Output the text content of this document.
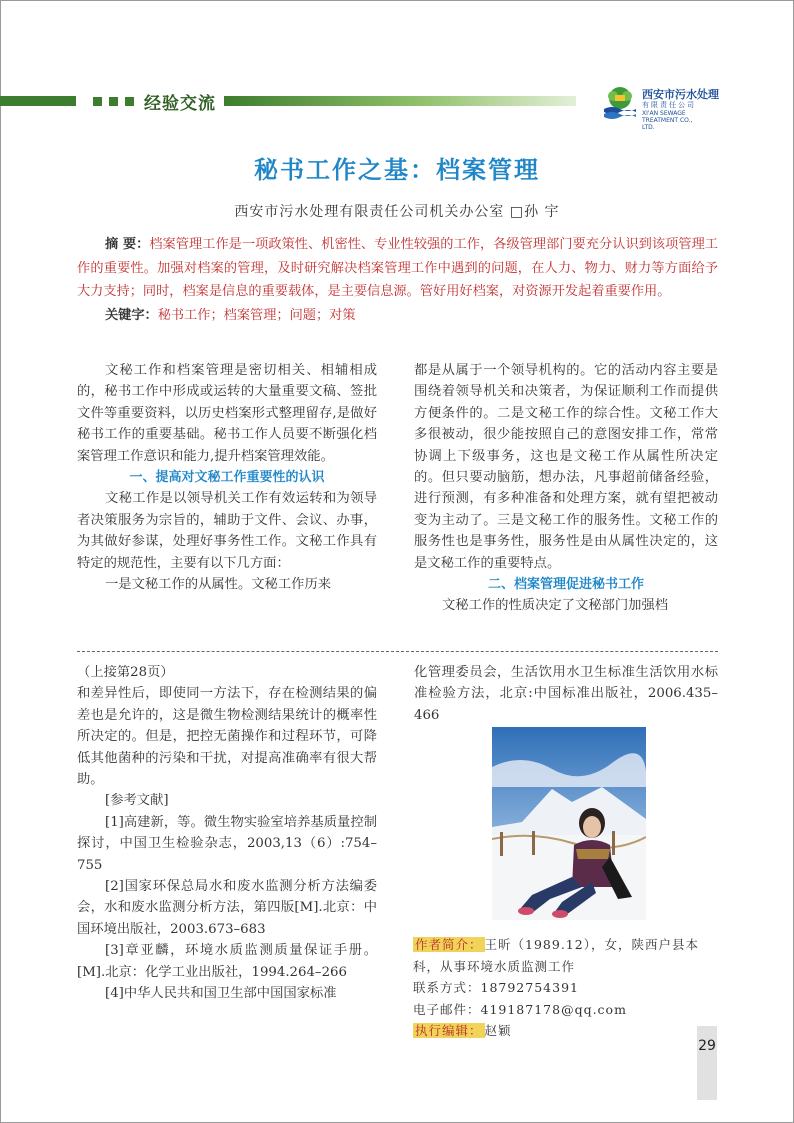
经验交流	西安市污水处理
有限责任公司
XI'AN SEWAGE TREATMENT CO., LTD.
秘书工作之基：档案管理
西安市污水处理有限责任公司机关办公室 □孙 宇

摘 要：档案管理工作是一项政策性、机密性、专业性较强的工作，各级管理部门要充分认识到该项管理工作的重要性。加强对档案的管理，及时研究解决档案管理工作中遇到的问题，在人力、物力、财力等方面给予大力支持；同时，档案是信息的重要载体，是主要信息源。管好用好档案，对资源开发起着重要作用。

关键字：秘书工作；档案管理；问题；对策

文秘工作和档案管理是密切相关、相辅相成的，秘书工作中形成或运转的大量重要文稿、签批文件等重要资料，以历史档案形式整理留存,是做好秘书工作的重要基础。秘书工作人员要不断强化档案管理工作意识和能力,提升档案管理效能。

一、提高对文秘工作重要性的认识

文秘工作是以领导机关工作有效运转和为领导者决策服务为宗旨的，辅助于文件、会议、办事，为其做好参谋，处理好事务性工作。文秘工作具有特定的规范性，主要有以下几方面：

一是文秘工作的从属性。文秘工作历来

都是从属于一个领导机构的。它的活动内容主要是围绕着领导机关和决策者，为保证顺利工作而提供方便条件的。二是文秘工作的综合性。文秘工作大多很被动，很少能按照自己的意图安排工作，常常协调上下级事务，这也是文秘工作从属性所决定的。但只要动脑筋，想办法，凡事超前储备经验，进行预测，有多种准备和处理方案，就有望把被动变为主动了。三是文秘工作的服务性。文秘工作的服务性也是事务性，服务性是由从属性决定的，这是文秘工作的重要特点。

二、档案管理促进秘书工作

文秘工作的性质决定了文秘部门加强档

（上接第28页）

和差异性后，即使同一方法下，存在检测结果的偏差也是允许的，这是微生物检测结果统计的概率性所决定的。但是，把控无菌操作和过程环节，可降低其他菌种的污染和干扰，对提高准确率有很大帮助。

[参考文献]

[1]高建新，等。微生物实验室培养基质量控制探讨，中国卫生检验杂志，2003,13（6）:754–755

[2]国家环保总局水和废水监测分析方法编委会，水和废水监测分析方法，第四版[M].北京：中国环境出版社，2003.673–683

[3]章亚麟，环境水质监测质量保证手册。[M].北京：化学工业出版社，1994.264–266

[4]中华人民共和国卫生部中国国家标准

化管理委员会，生活饮用水卫生标准生活饮用水标准检验方法，北京:中国标准出版社，2006.435–466

作者简介： 王昕（1989.12），女，陕西户县本科，从事环境水质监测工作

联系方式：18792754391

电子邮件：419187178@qq.com

执行编辑： 赵颖

29
